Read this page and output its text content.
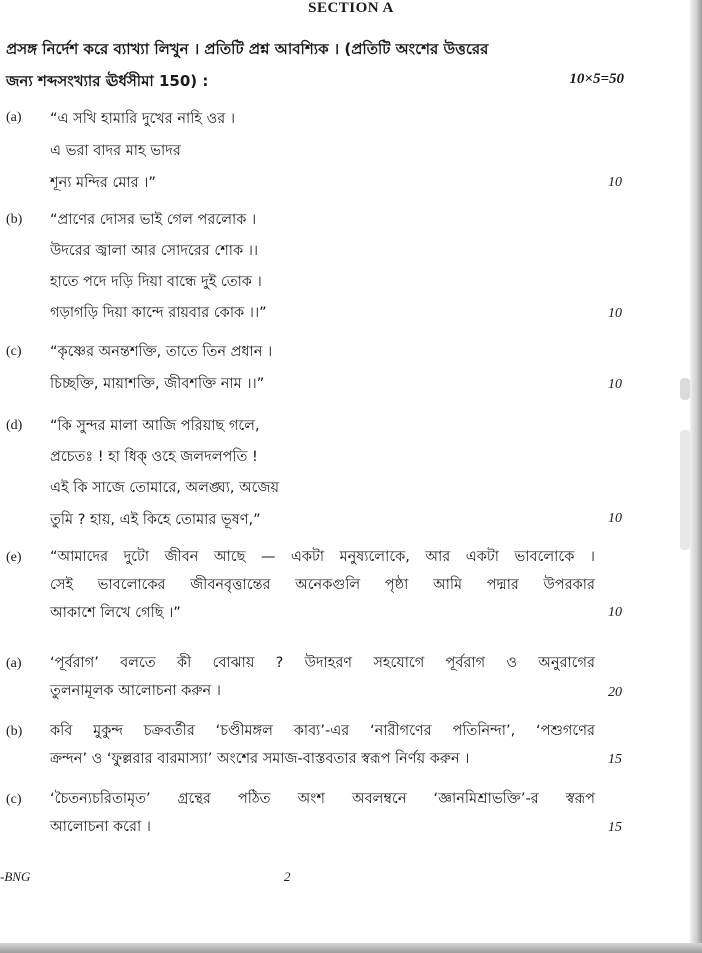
SECTION A
প্রসঙ্গ নির্দেশ করে ব্যাখ্যা লিখুন । প্রতিটি প্রশ্ন আবশ্যিক । (প্রতিটি অংশের উত্তরের
জন্য শব্দসংখ্যার ঊর্ধসীমা 150) :	10×5=50
(a) “এ সখি হামারি দুখের নাহি ওর ।
এ ভরা বাদর মাহ ভাদর
শূন্য মন্দির মোর ।”	10
(b) “প্রাণের দোসর ভাই গেল পরলোক ।
উদরের জ্বালা আর সোদরের শোক ।।
হাতে পদে দড়ি দিয়া বান্ধে দুই তোক ।
গড়াগড়ি দিয়া কান্দে রায়বার কোক ।।”	10
(c) “কৃষ্ণের অনন্তশক্তি, তাতে তিন প্রধান ।
চিচ্ছক্তি, মায়াশক্তি, জীবশক্তি নাম ।।”	10
(d) “কি সুন্দর মালা আজি পরিয়াছ গলে,
প্রচেতঃ ! হা ধিক্ ওহে জলদলপতি !
এই কি সাজে তোমারে, অলঙ্ঘ্য, অজেয়
তুমি ? হায়, এই কিহে তোমার ভূষণ,”	10
(e) “আমাদের দুটো জীবন আছে — একটা মনুষ্যলোকে, আর একটা ভাবলোকে ।
সেই ভাবলোকের জীবনবৃত্তান্তের অনেকগুলি পৃষ্ঠা আমি পদ্মার উপরকার
আকাশে লিখে গেছি ।”	10
(a) ‘পূর্বরাগ’ বলতে কী বোঝায় ? উদাহরণ সহযোগে পূর্বরাগ ও অনুরাগের
তুলনামূলক আলোচনা করুন ।	20
(b) কবি মুকুন্দ চক্রবর্তীর ‘চণ্ডীমঙ্গল কাব্য’-এর ‘নারীগণের পতিনিন্দা’, ‘পশুগণের
ক্রন্দন’ ও ‘ফুল্লরার বারমাস্যা’ অংশের সমাজ-বাস্তবতার স্বরূপ নির্ণয় করুন ।	15
(c) ‘চৈতন্যচরিতামৃত’ গ্রন্থের পঠিত অংশ অবলম্বনে ‘জ্ঞানমিশ্রাভক্তি’-র স্বরূপ
আলোচনা করো ।	15
-BNG	2
